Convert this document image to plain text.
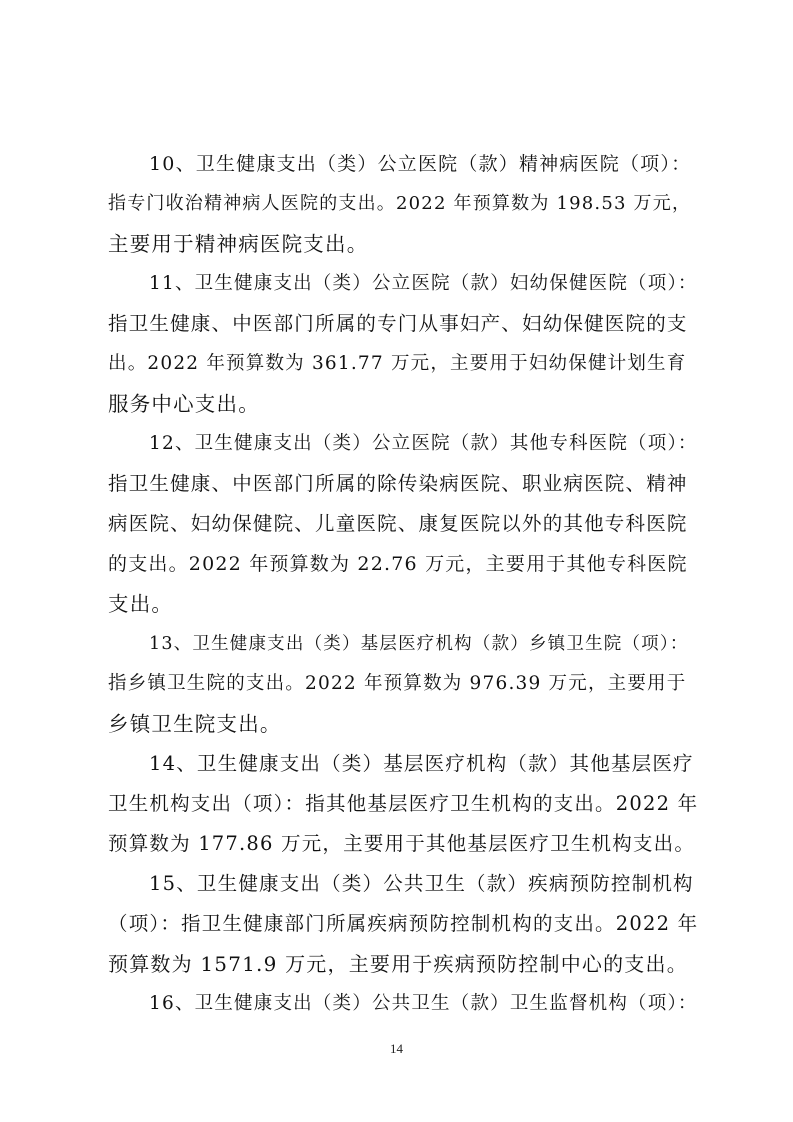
10、卫生健康支出（类）公立医院（款）精神病医院（项）：
指专门收治精神病人医院的支出。2022 年预算数为 198.53 万元，
主要用于精神病医院支出。
11、卫生健康支出（类）公立医院（款）妇幼保健医院（项）：
指卫生健康、中医部门所属的专门从事妇产、妇幼保健医院的支
出。2022 年预算数为 361.77 万元，主要用于妇幼保健计划生育
服务中心支出。
12、卫生健康支出（类）公立医院（款）其他专科医院（项）：
指卫生健康、中医部门所属的除传染病医院、职业病医院、精神
病医院、妇幼保健院、儿童医院、康复医院以外的其他专科医院
的支出。2022 年预算数为 22.76 万元，主要用于其他专科医院
支出。
13、卫生健康支出（类）基层医疗机构（款）乡镇卫生院（项）：
指乡镇卫生院的支出。2022 年预算数为 976.39 万元，主要用于
乡镇卫生院支出。
14、卫生健康支出（类）基层医疗机构（款）其他基层医疗
卫生机构支出（项）：指其他基层医疗卫生机构的支出。2022 年
预算数为 177.86 万元，主要用于其他基层医疗卫生机构支出。
15、卫生健康支出（类）公共卫生（款）疾病预防控制机构
（项）：指卫生健康部门所属疾病预防控制机构的支出。2022 年
预算数为 1571.9 万元，主要用于疾病预防控制中心的支出。
16、卫生健康支出（类）公共卫生（款）卫生监督机构（项）：
14
